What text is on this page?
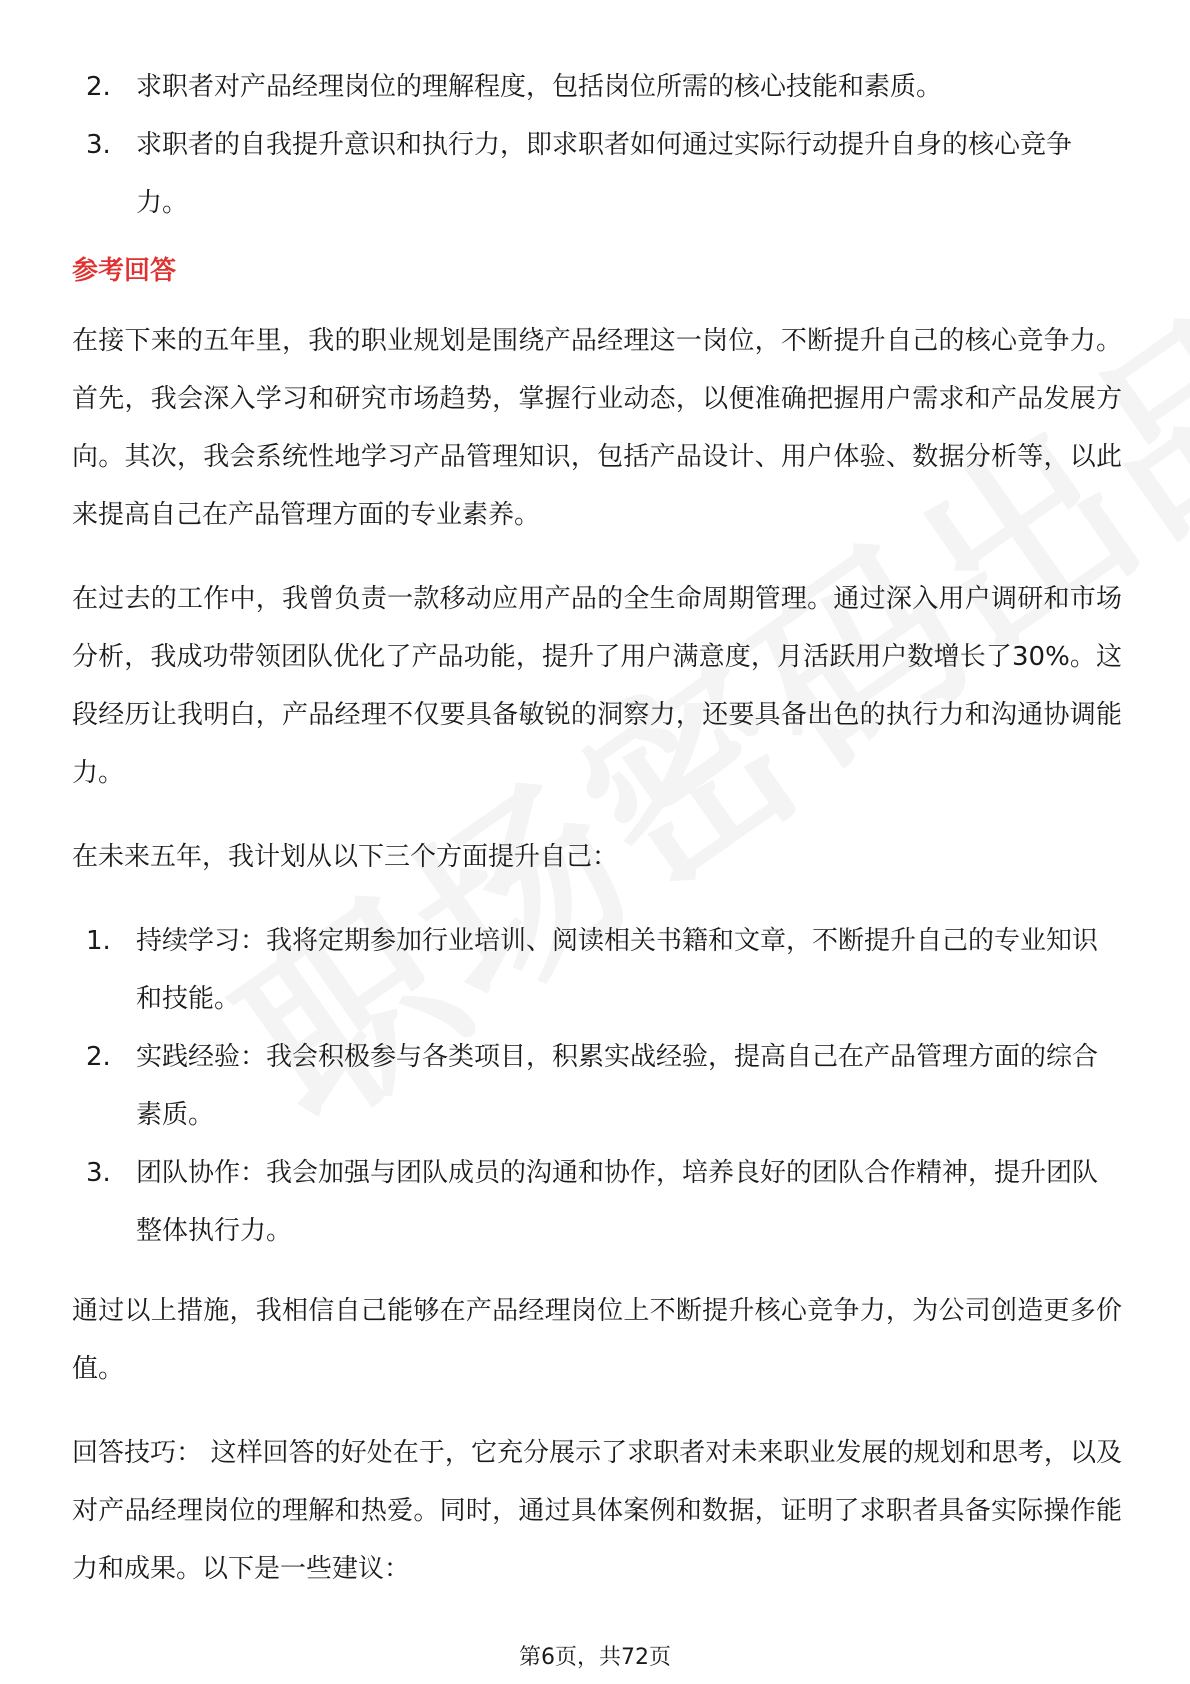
2. 求职者对产品经理岗位的理解程度，包括岗位所需的核心技能和素质。
3. 求职者的自我提升意识和执行力，即求职者如何通过实际行动提升自身的核心竞争力。
参考回答

在接下来的五年里，我的职业规划是围绕产品经理这一岗位，不断提升自己的核心竞争力。首先，我会深入学习和研究市场趋势，掌握行业动态，以便准确把握用户需求和产品发展方向。其次，我会系统性地学习产品管理知识，包括产品设计、用户体验、数据分析等，以此来提高自己在产品管理方面的专业素养。

在过去的工作中，我曾负责一款移动应用产品的全生命周期管理。通过深入用户调研和市场分析，我成功带领团队优化了产品功能，提升了用户满意度，月活跃用户数增长了30%。这段经历让我明白，产品经理不仅要具备敏锐的洞察力，还要具备出色的执行力和沟通协调能力。

在未来五年，我计划从以下三个方面提升自己：

1. 持续学习：我将定期参加行业培训、阅读相关书籍和文章，不断提升自己的专业知识和技能。
2. 实践经验：我会积极参与各类项目，积累实战经验，提高自己在产品管理方面的综合素质。
3. 团队协作：我会加强与团队成员的沟通和协作，培养良好的团队合作精神，提升团队整体执行力。

通过以上措施，我相信自己能够在产品经理岗位上不断提升核心竞争力，为公司创造更多价值。

回答技巧： 这样回答的好处在于，它充分展示了求职者对未来职业发展的规划和思考，以及对产品经理岗位的理解和热爱。同时，通过具体案例和数据，证明了求职者具备实际操作能力和成果。以下是一些建议：

第6页，共72页
